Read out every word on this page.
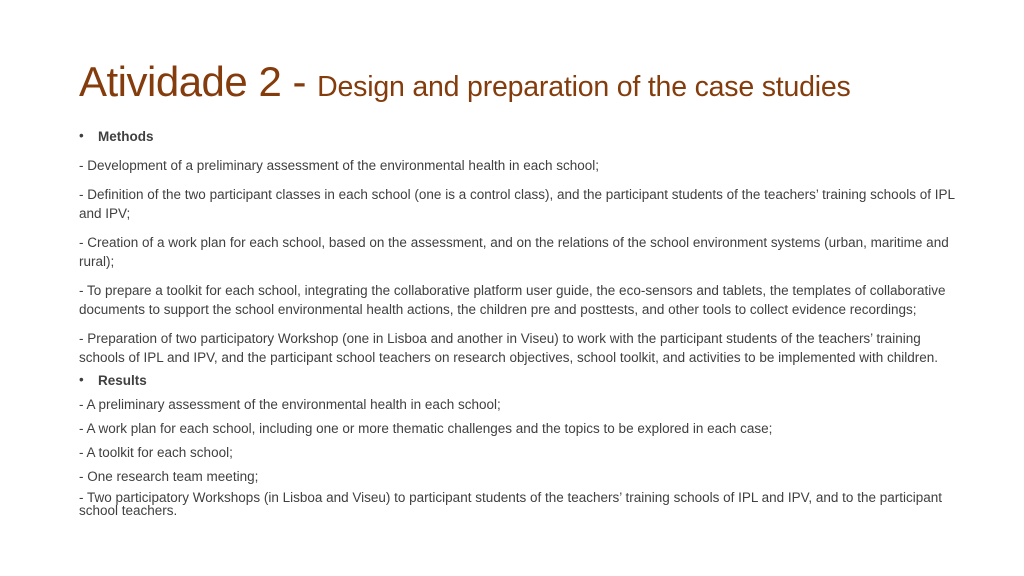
Atividade 2 - Design and preparation of the case studies

• Methods

- Development of a preliminary assessment of the environmental health in each school;

- Definition of the two participant classes in each school (one is a control class), and the participant students of the teachers’ training schools of IPL and IPV;

- Creation of a work plan for each school, based on the assessment, and on the relations of the school environment systems (urban, maritime and rural);

- To prepare a toolkit for each school, integrating the collaborative platform user guide, the eco-sensors and tablets, the templates of collaborative documents to support the school environmental health actions, the children pre and posttests, and other tools to collect evidence recordings;

- Preparation of two participatory Workshop (one in Lisboa and another in Viseu) to work with the participant students of the teachers’ training schools of IPL and IPV, and the participant school teachers on research objectives, school toolkit, and activities to be implemented with children.

• Results

- A preliminary assessment of the environmental health in each school;

- A work plan for each school, including one or more thematic challenges and the topics to be explored in each case;

- A toolkit for each school;

- One research team meeting;

- Two participatory Workshops (in Lisboa and Viseu) to participant students of the teachers’ training schools of IPL and IPV, and to the participant school teachers.
